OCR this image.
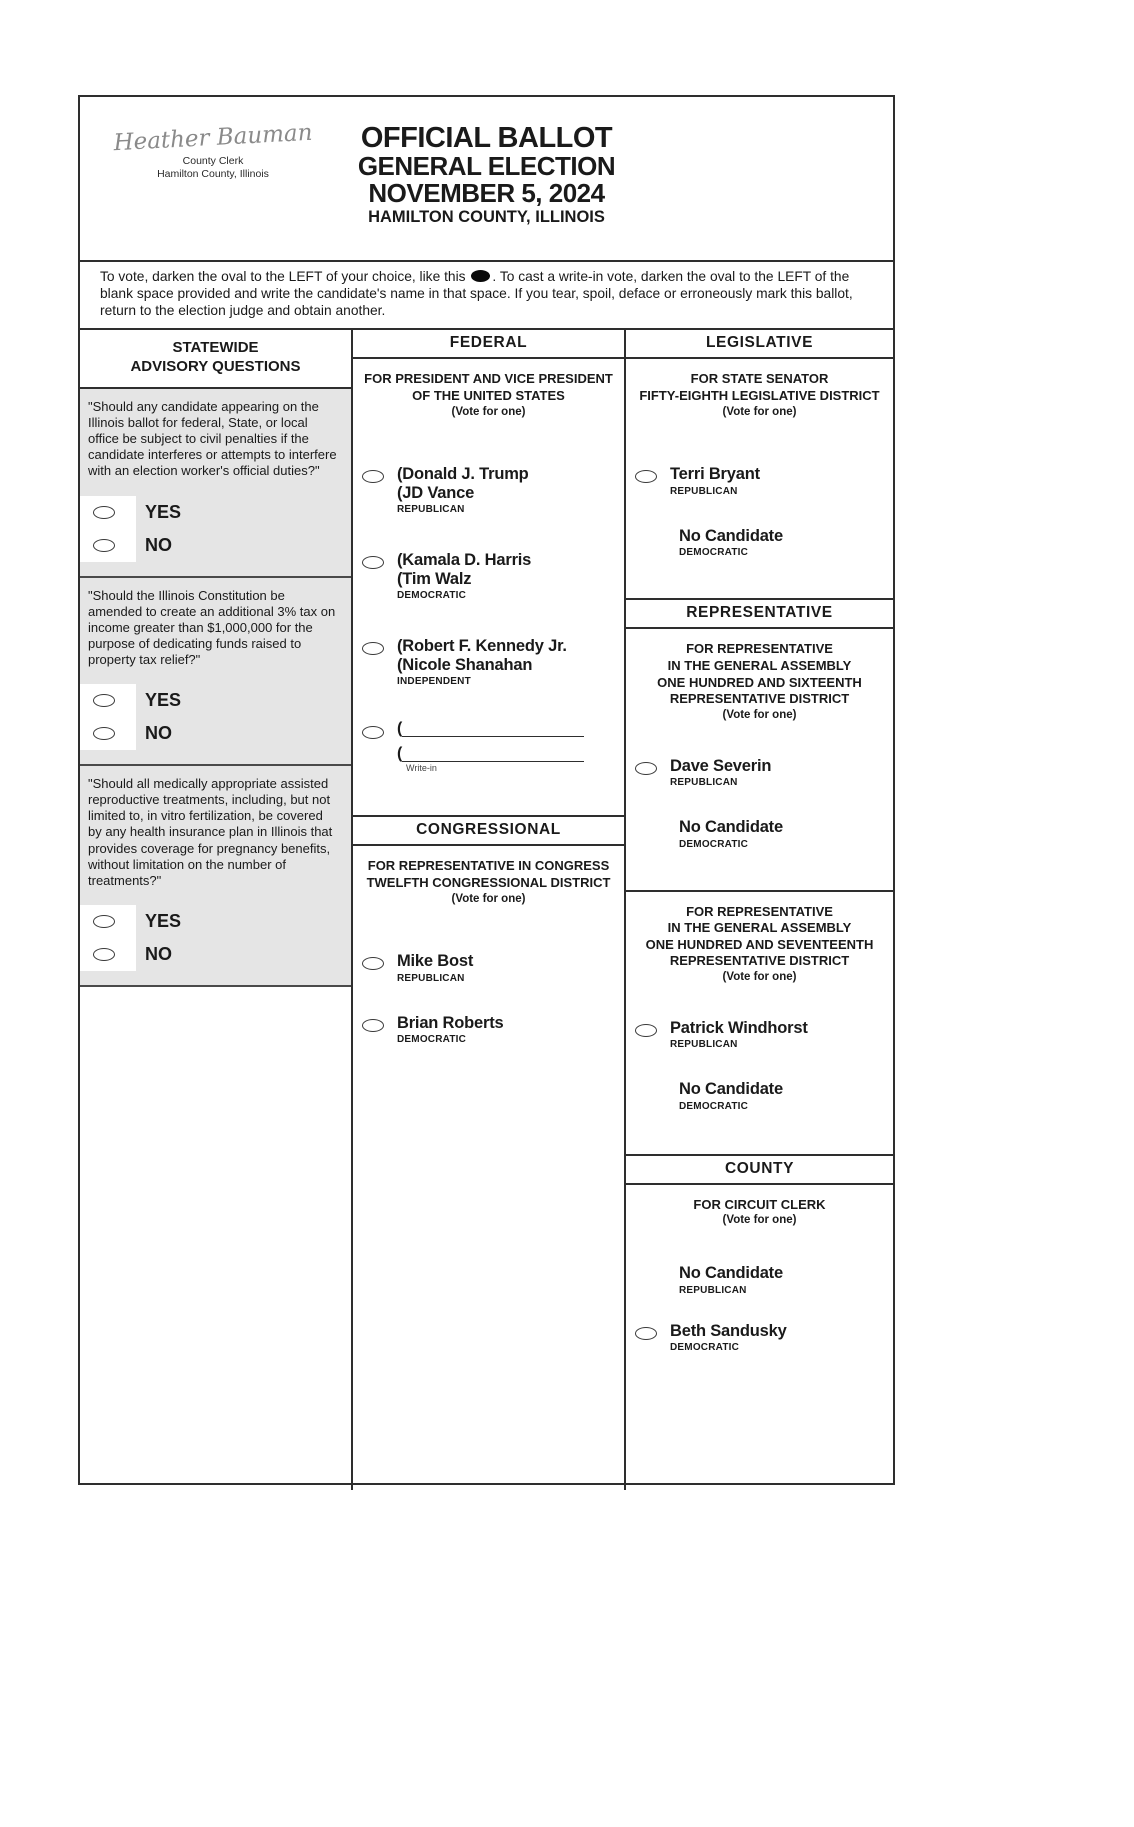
Heather Bauman
County Clerk
Hamilton County, Illinois
OFFICIAL BALLOT
GENERAL ELECTION
NOVEMBER 5, 2024
HAMILTON COUNTY, ILLINOIS
To vote, darken the oval to the LEFT of your choice, like this . To cast a write-in vote, darken the oval to the LEFT of the blank space provided and write the candidate's name in that space. If you tear, spoil, deface or erroneously mark this ballot, return to the election judge and obtain another.
STATEWIDE
ADVISORY QUESTIONS
"Should any candidate appearing on the Illinois ballot for federal, State, or local office be subject to civil penalties if the candidate interferes or attempts to interfere with an election worker's official duties?"
YES
NO
"Should the Illinois Constitution be amended to create an additional 3% tax on income greater than $1,000,000 for the purpose of dedicating funds raised to property tax relief?"
YES
NO
"Should all medically appropriate assisted reproductive treatments, including, but not limited to, in vitro fertilization, be covered by any health insurance plan in Illinois that provides coverage for pregnancy benefits, without limitation on the number of treatments?"
YES
NO
FEDERAL
FOR PRESIDENT AND VICE PRESIDENT
OF THE UNITED STATES
(Vote for one)
(Donald J. Trump
(JD Vance
REPUBLICAN
(Kamala D. Harris
(Tim Walz
DEMOCRATIC
(Robert F. Kennedy Jr.
(Nicole Shanahan
INDEPENDENT
(
(
Write-in
CONGRESSIONAL
FOR REPRESENTATIVE IN CONGRESS
TWELFTH CONGRESSIONAL DISTRICT
(Vote for one)
Mike Bost
REPUBLICAN
Brian Roberts
DEMOCRATIC
LEGISLATIVE
FOR STATE SENATOR
FIFTY-EIGHTH LEGISLATIVE DISTRICT
(Vote for one)
Terri Bryant
REPUBLICAN
No Candidate
DEMOCRATIC
REPRESENTATIVE
FOR REPRESENTATIVE
IN THE GENERAL ASSEMBLY
ONE HUNDRED AND SIXTEENTH
REPRESENTATIVE DISTRICT
(Vote for one)
Dave Severin
REPUBLICAN
No Candidate
DEMOCRATIC
FOR REPRESENTATIVE
IN THE GENERAL ASSEMBLY
ONE HUNDRED AND SEVENTEENTH
REPRESENTATIVE DISTRICT
(Vote for one)
Patrick Windhorst
REPUBLICAN
No Candidate
DEMOCRATIC
COUNTY
FOR CIRCUIT CLERK
(Vote for one)
No Candidate
REPUBLICAN
Beth Sandusky
DEMOCRATIC
